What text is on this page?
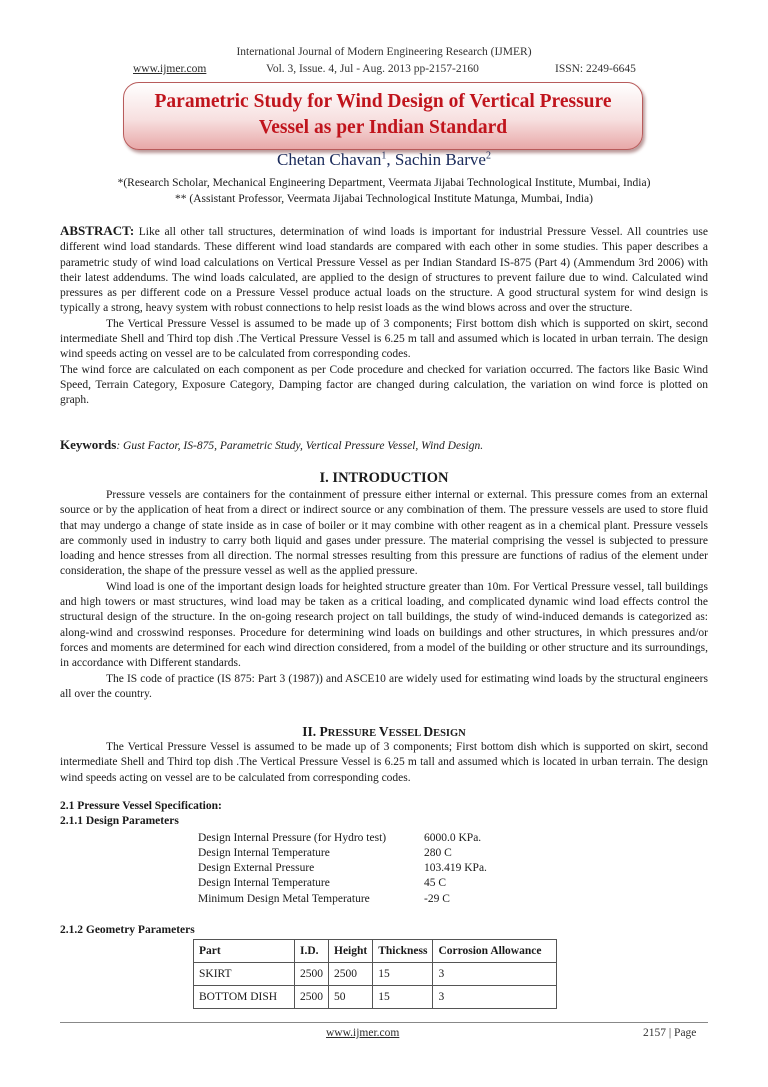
International Journal of Modern Engineering Research (IJMER)
www.ijmer.com	Vol. 3, Issue. 4, Jul - Aug. 2013 pp-2157-2160	ISSN: 2249-6645
Parametric Study for Wind Design of Vertical Pressure
Vessel as per Indian Standard
Chetan Chavan$^1$, Sachin Barve$^2$
*(Research Scholar, Mechanical Engineering Department, Veermata Jijabai Technological Institute, Mumbai, India)
** (Assistant Professor, Veermata Jijabai Technological Institute Matunga, Mumbai, India)
ABSTRACT: Like all other tall structures, determination of wind loads is important for industrial Pressure Vessel. All countries use different wind load standards. These different wind load standards are compared with each other in some studies. This paper describes a parametric study of wind load calculations on Vertical Pressure Vessel as per Indian Standard IS-875 (Part 4) (Ammendum 3rd 2006) with their latest addendums. The wind loads calculated, are applied to the design of structures to prevent failure due to wind. Calculated wind pressures as per different code on a Pressure Vessel produce actual loads on the structure. A good structural system for wind design is typically a strong, heavy system with robust connections to help resist loads as the wind blows across and over the structure.
The Vertical Pressure Vessel is assumed to be made up of 3 components; First bottom dish which is supported on skirt, second intermediate Shell and Third top dish .The Vertical Pressure Vessel is 6.25 m tall and assumed which is located in urban terrain. The design wind speeds acting on vessel are to be calculated from corresponding codes.
The wind force are calculated on each component as per Code procedure and checked for variation occurred. The factors like Basic Wind Speed, Terrain Category, Exposure Category, Damping factor are changed during calculation, the variation on wind force is plotted on graph.
Keywords: Gust Factor, IS-875, Parametric Study, Vertical Pressure Vessel, Wind Design.
I. INTRODUCTION
Pressure vessels are containers for the containment of pressure either internal or external. This pressure comes from an external source or by the application of heat from a direct or indirect source or any combination of them. The pressure vessels are used to store fluid that may undergo a change of state inside as in case of boiler or it may combine with other reagent as in a chemical plant. Pressure vessels are commonly used in industry to carry both liquid and gases under pressure. The material comprising the vessel is subjected to pressure loading and hence stresses from all direction. The normal stresses resulting from this pressure are functions of radius of the element under consideration, the shape of the pressure vessel as well as the applied pressure.
Wind load is one of the important design loads for heighted structure greater than 10m. For Vertical Pressure vessel, tall buildings and high towers or mast structures, wind load may be taken as a critical loading, and complicated dynamic wind load effects control the structural design of the structure. In the on-going research project on tall buildings, the study of wind-induced demands is categorized as: along-wind and crosswind responses. Procedure for determining wind loads on buildings and other structures, in which pressures and/or forces and moments are determined for each wind direction considered, from a model of the building or other structure and its surroundings, in accordance with Different standards.
The IS code of practice (IS 875: Part 3 (1987)) and ASCE10 are widely used for estimating wind loads by the structural engineers all over the country.
II. PRESSURE VESSEL DESIGN
The Vertical Pressure Vessel is assumed to be made up of 3 components; First bottom dish which is supported on skirt, second intermediate Shell and Third top dish .The Vertical Pressure Vessel is 6.25 m tall and assumed which is located in urban terrain. The design wind speeds acting on vessel are to be calculated from corresponding codes.
2.1 Pressure Vessel Specification:
2.1.1 Design Parameters
Design Internal Pressure (for Hydro test)	6000.0 KPa.
Design Internal Temperature	280 C
Design External Pressure	103.419 KPa.
Design Internal Temperature	45 C
Minimum Design Metal Temperature	-29 C
2.1.2 Geometry Parameters
Part	I.D.	Height	Thickness	Corrosion Allowance
SKIRT	2500	2500	15	3
BOTTOM DISH	2500	50	15	3
www.ijmer.com	2157 | Page
